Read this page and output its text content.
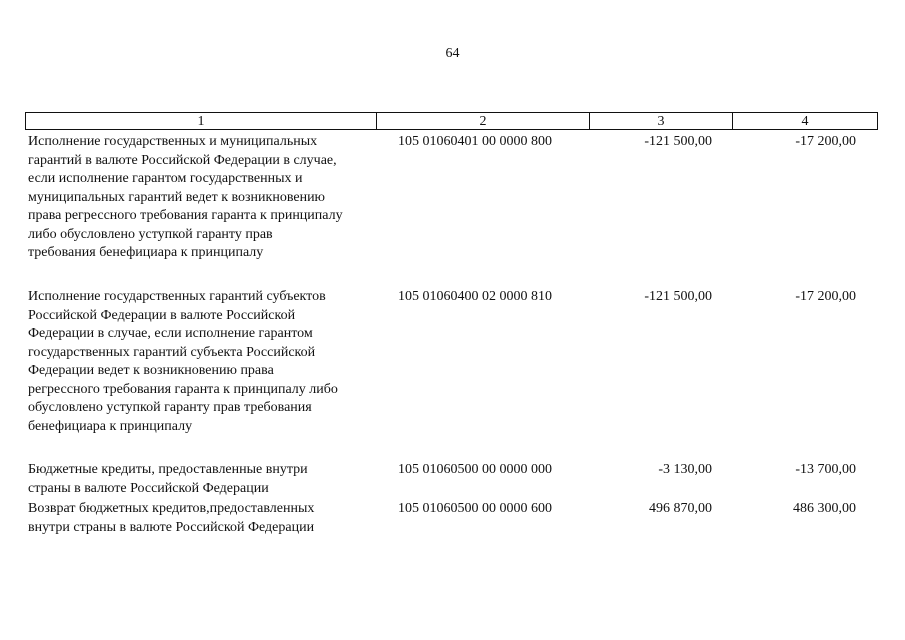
64
1	2	3	4
Исполнение государственных и муниципальных
гарантий в валюте Российской Федерации в случае,
если исполнение гарантом государственных и
муниципальных гарантий ведет к возникновению
права регрессного требования гаранта к принципалу
либо обусловлено уступкой гаранту прав
требования бенефициара к принципалу
105 01060401 00 0000 800	-121 500,00	-17 200,00
Исполнение государственных гарантий субъектов
Российской Федерации в валюте Российской
Федерации в случае, если исполнение гарантом
государственных гарантий субъекта Российской
Федерации ведет к возникновению права
регрессного требования гаранта к принципалу либо
обусловлено уступкой гаранту прав требования
бенефициара к принципалу
105 01060400 02 0000 810	-121 500,00	-17 200,00
Бюджетные кредиты, предоставленные внутри
страны в валюте Российской Федерации
105 01060500 00 0000 000	-3 130,00	-13 700,00
Возврат бюджетных кредитов,предоставленных
внутри страны в валюте Российской Федерации
105 01060500 00 0000 600	496 870,00	486 300,00
